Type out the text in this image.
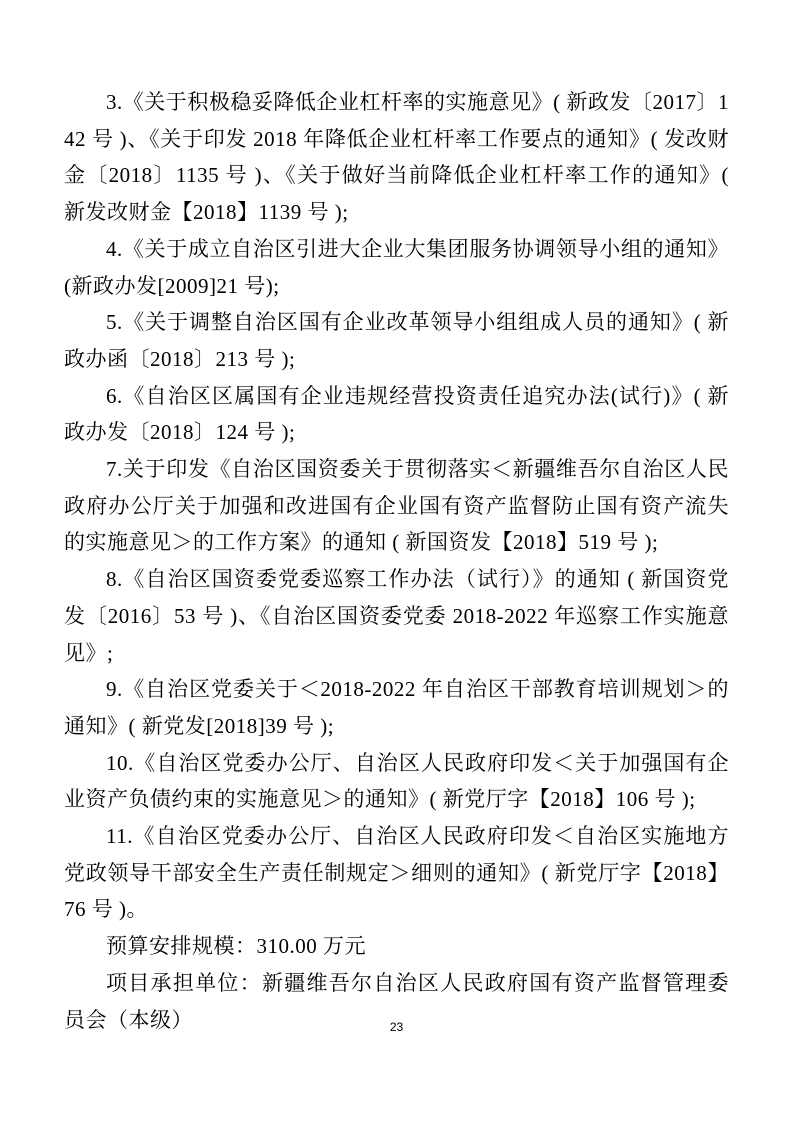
3.《关于积极稳妥降低企业杠杆率的实施意见》( 新政发〔2017〕142 号 )、《关于印发 2018 年降低企业杠杆率工作要点的通知》( 发改财金〔2018〕1135 号 )、《关于做好当前降低企业杠杆率工作的通知》( 新发改财金【2018】1139 号 );

4.《关于成立自治区引进大企业大集团服务协调领导小组的通知》(新政办发[2009]21 号);

5.《关于调整自治区国有企业改革领导小组组成人员的通知》( 新政办函〔2018〕213 号 );

6.《自治区区属国有企业违规经营投资责任追究办法(试行)》( 新政办发〔2018〕124 号 );

7.关于印发《自治区国资委关于贯彻落实＜新疆维吾尔自治区人民政府办公厅关于加强和改进国有企业国有资产监督防止国有资产流失的实施意见＞的工作方案》的通知 ( 新国资发【2018】519 号 );

8.《自治区国资委党委巡察工作办法（试行）》的通知 ( 新国资党发〔2016〕53 号 )、《自治区国资委党委 2018-2022 年巡察工作实施意见》;

9.《自治区党委关于＜2018-2022 年自治区干部教育培训规划＞的通知》( 新党发[2018]39 号 );

10.《自治区党委办公厅、自治区人民政府印发＜关于加强国有企业资产负债约束的实施意见＞的通知》( 新党厅字【2018】106 号 );

11.《自治区党委办公厅、自治区人民政府印发＜自治区实施地方党政领导干部安全生产责任制规定＞细则的通知》( 新党厅字【2018】76 号 )。

预算安排规模：310.00 万元

项目承担单位：新疆维吾尔自治区人民政府国有资产监督管理委员会（本级）	23
